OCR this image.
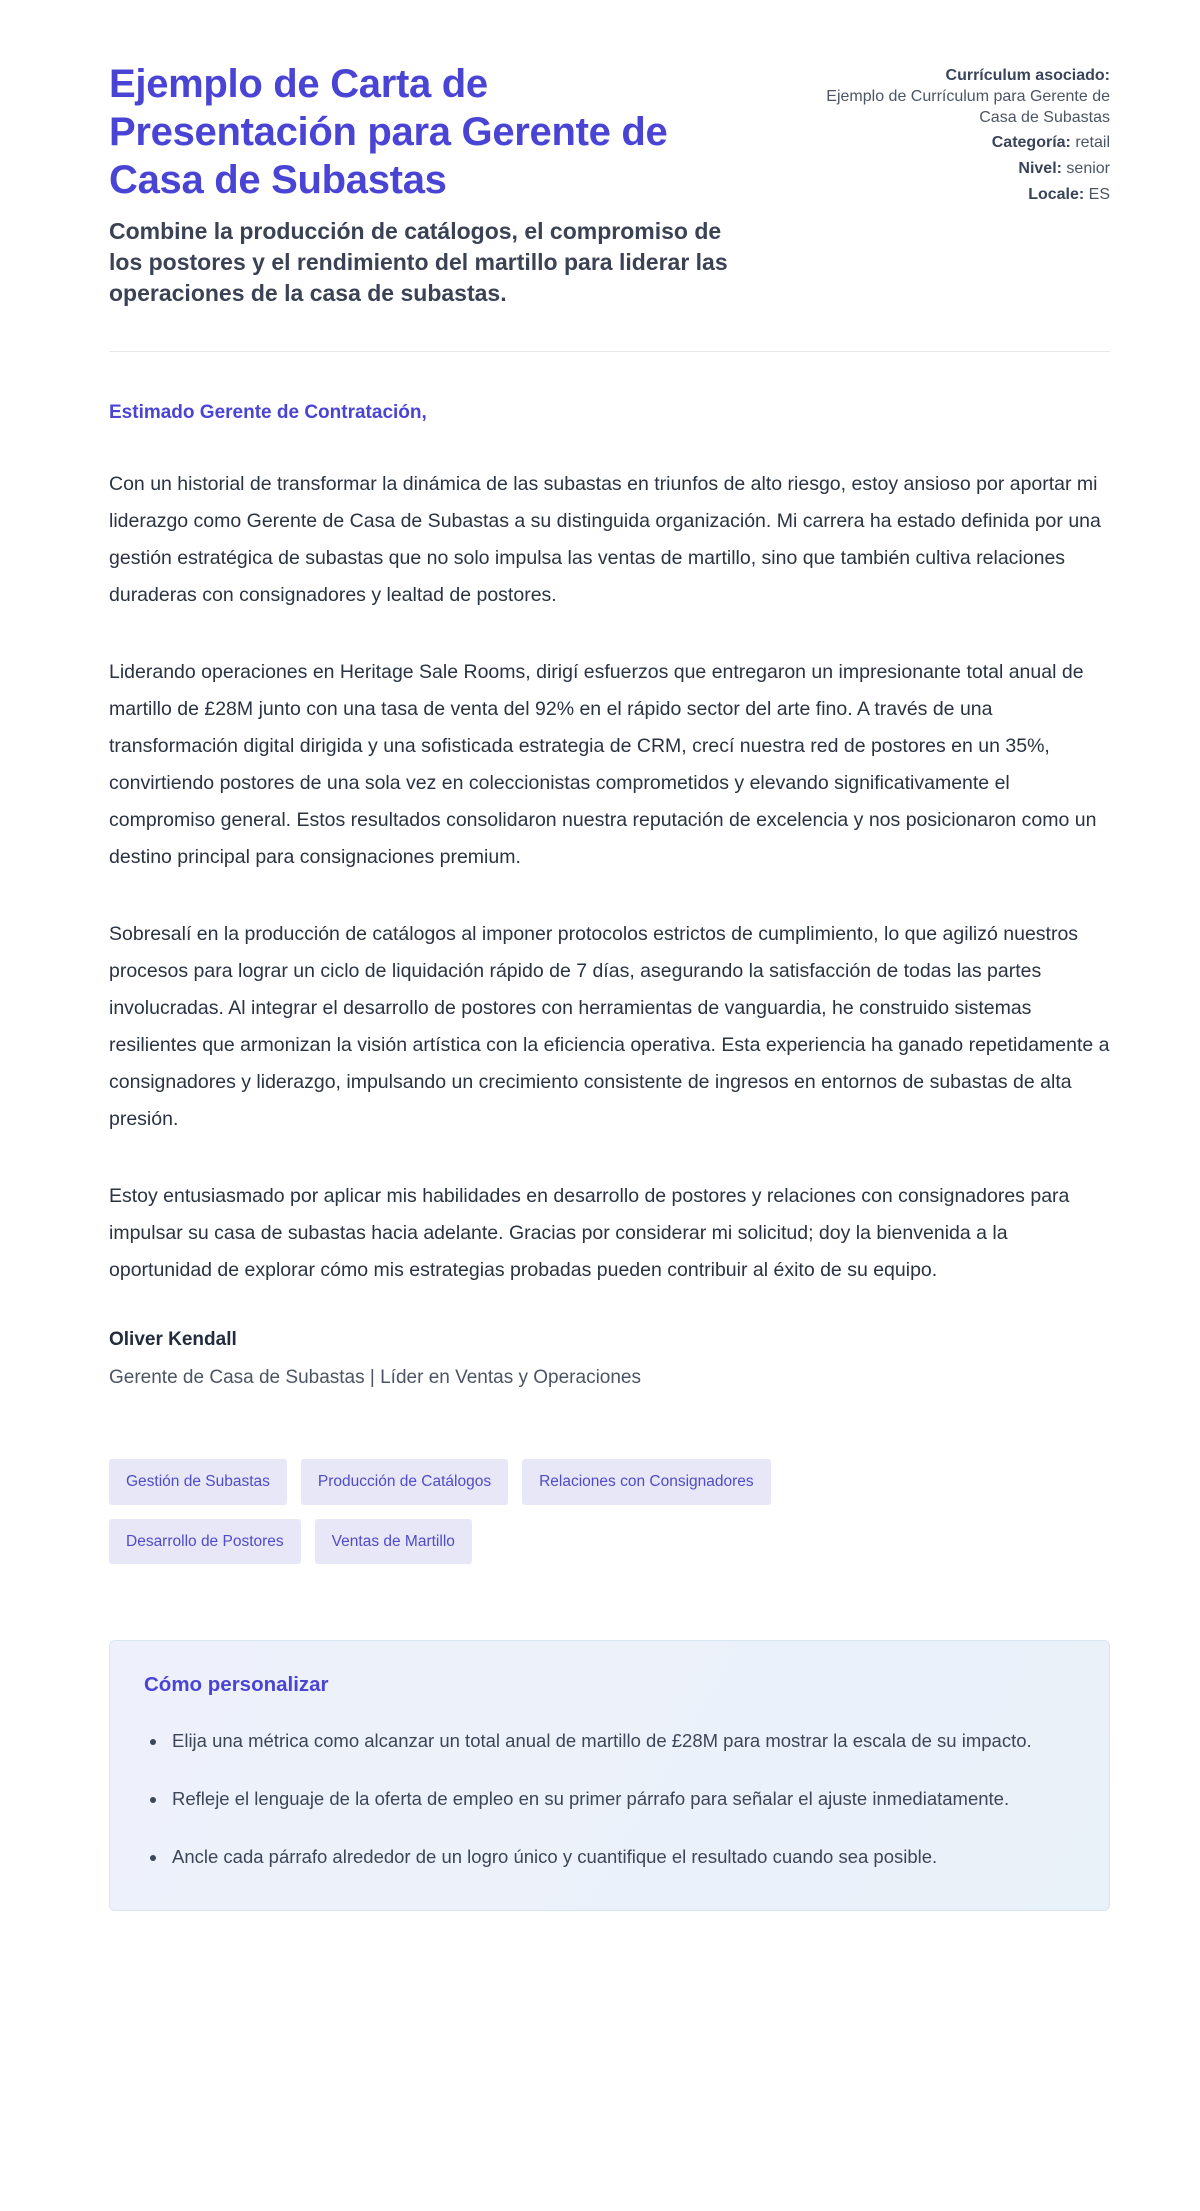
Ejemplo de Carta de Presentación para Gerente de Casa de Subastas

Combine la producción de catálogos, el compromiso de los postores y el rendimiento del martillo para liderar las operaciones de la casa de subastas.

Currículum asociado:
Ejemplo de Currículum para Gerente de Casa de Subastas
Categoría: retail
Nivel: senior
Locale: ES

Estimado Gerente de Contratación,

Con un historial de transformar la dinámica de las subastas en triunfos de alto riesgo, estoy ansioso por aportar mi liderazgo como Gerente de Casa de Subastas a su distinguida organización. Mi carrera ha estado definida por una gestión estratégica de subastas que no solo impulsa las ventas de martillo, sino que también cultiva relaciones duraderas con consignadores y lealtad de postores.

Liderando operaciones en Heritage Sale Rooms, dirigí esfuerzos que entregaron un impresionante total anual de martillo de £28M junto con una tasa de venta del 92% en el rápido sector del arte fino. A través de una transformación digital dirigida y una sofisticada estrategia de CRM, crecí nuestra red de postores en un 35%, convirtiendo postores de una sola vez en coleccionistas comprometidos y elevando significativamente el compromiso general. Estos resultados consolidaron nuestra reputación de excelencia y nos posicionaron como un destino principal para consignaciones premium.

Sobresalí en la producción de catálogos al imponer protocolos estrictos de cumplimiento, lo que agilizó nuestros procesos para lograr un ciclo de liquidación rápido de 7 días, asegurando la satisfacción de todas las partes involucradas. Al integrar el desarrollo de postores con herramientas de vanguardia, he construido sistemas resilientes que armonizan la visión artística con la eficiencia operativa. Esta experiencia ha ganado repetidamente a consignadores y liderazgo, impulsando un crecimiento consistente de ingresos en entornos de subastas de alta presión.

Estoy entusiasmado por aplicar mis habilidades en desarrollo de postores y relaciones con consignadores para impulsar su casa de subastas hacia adelante. Gracias por considerar mi solicitud; doy la bienvenida a la oportunidad de explorar cómo mis estrategias probadas pueden contribuir al éxito de su equipo.

Oliver Kendall

Gerente de Casa de Subastas | Líder en Ventas y Operaciones

Gestión de Subastas	Producción de Catálogos	Relaciones con Consignadores
Desarrollo de Postores	Ventas de Martillo
Cómo personalizar
• Elija una métrica como alcanzar un total anual de martillo de £28M para mostrar la escala de su impacto.
• Refleje el lenguaje de la oferta de empleo en su primer párrafo para señalar el ajuste inmediatamente.
• Ancle cada párrafo alrededor de un logro único y cuantifique el resultado cuando sea posible.
